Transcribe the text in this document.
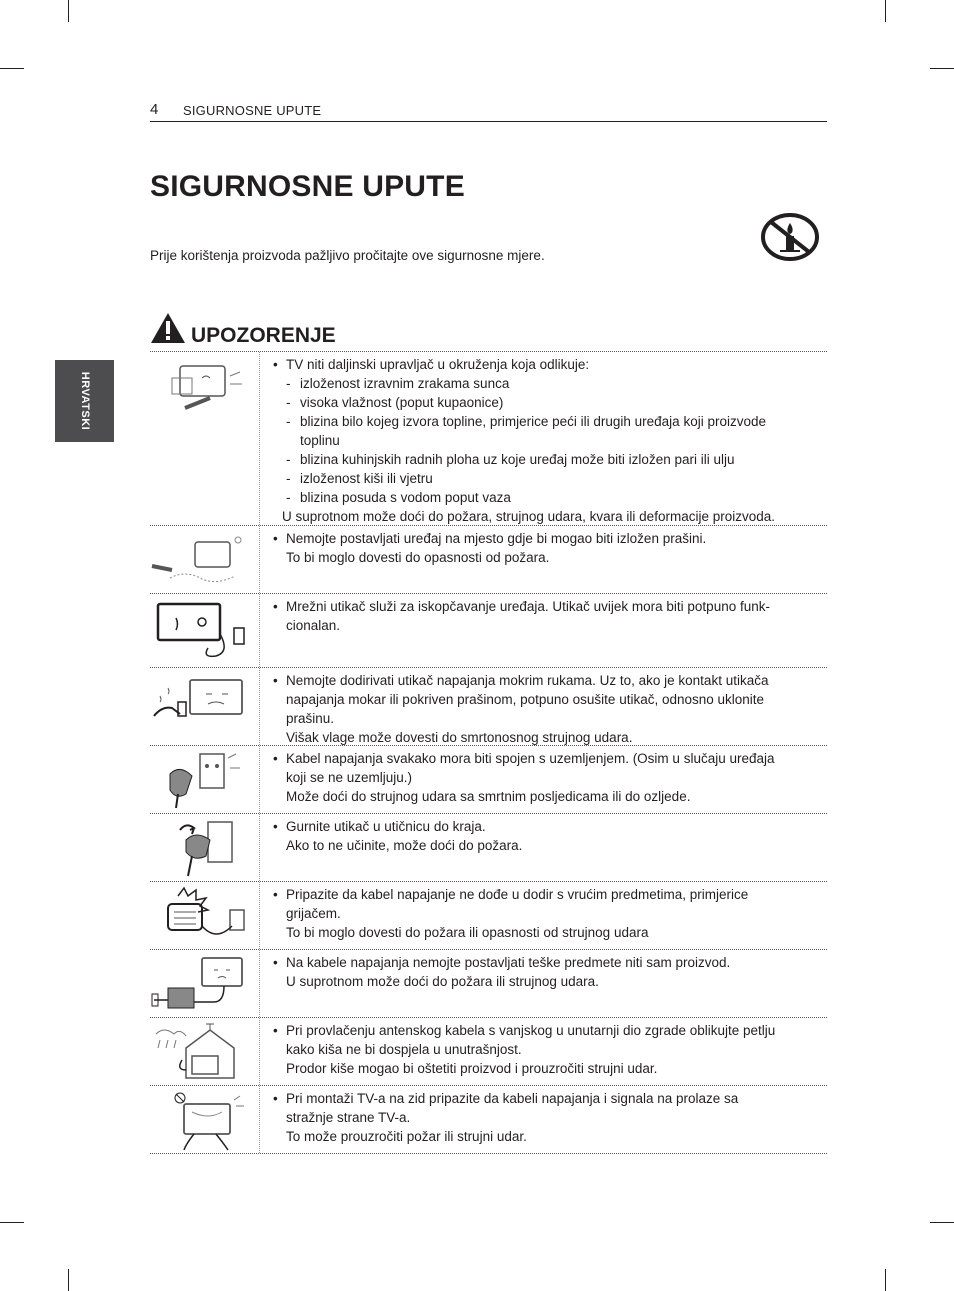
4 SIGURNOSNE UPUTE
HRVATSKI
SIGURNOSNE UPUTE

Prije korištenja proizvoda pažljivo pročitajte ove sigurnosne mjere.

UPOZORENJE
• TV niti daljinski upravljač u okruženja koja odlikuje:
- izloženost izravnim zrakama sunca
- visoka vlažnost (poput kupaonice)
- blizina bilo kojeg izvora topline, primjerice peći ili drugih uređaja koji proizvode
toplinu
- blizina kuhinjskih radnih ploha uz koje uređaj može biti izložen pari ili ulju
- izloženost kiši ili vjetru
- blizina posuda s vodom poput vaza
U suprotnom može doći do požara, strujnog udara, kvara ili deformacije proizvoda.
• Nemojte postavljati uređaj na mjesto gdje bi mogao biti izložen prašini.
To bi moglo dovesti do opasnosti od požara.
• Mrežni utikač služi za iskopčavanje uređaja. Utikač uvijek mora biti potpuno funk-
cionalan.
• Nemojte dodirivati utikač napajanja mokrim rukama. Uz to, ako je kontakt utikača
napajanja mokar ili pokriven prašinom, potpuno osušite utikač, odnosno uklonite
prašinu.
Višak vlage može dovesti do smrtonosnog strujnog udara.
• Kabel napajanja svakako mora biti spojen s uzemljenjem. (Osim u slučaju uređaja
koji se ne uzemljuju.)
Može doći do strujnog udara sa smrtnim posljedicama ili do ozljede.
• Gurnite utikač u utičnicu do kraja.
Ako to ne učinite, može doći do požara.
• Pripazite da kabel napajanje ne dođe u dodir s vrućim predmetima, primjerice
grijačem.
To bi moglo dovesti do požara ili opasnosti od strujnog udara
• Na kabele napajanja nemojte postavljati teške predmete niti sam proizvod.
U suprotnom može doći do požara ili strujnog udara.
• Pri provlačenju antenskog kabela s vanjskog u unutarnji dio zgrade oblikujte petlju
kako kiša ne bi dospjela u unutrašnjost.
Prodor kiše mogao bi oštetiti proizvod i prouzročiti strujni udar.
• Pri montaži TV-a na zid pripazite da kabeli napajanja i signala na prolaze sa
stražnje strane TV-a.
To može prouzročiti požar ili strujni udar.
